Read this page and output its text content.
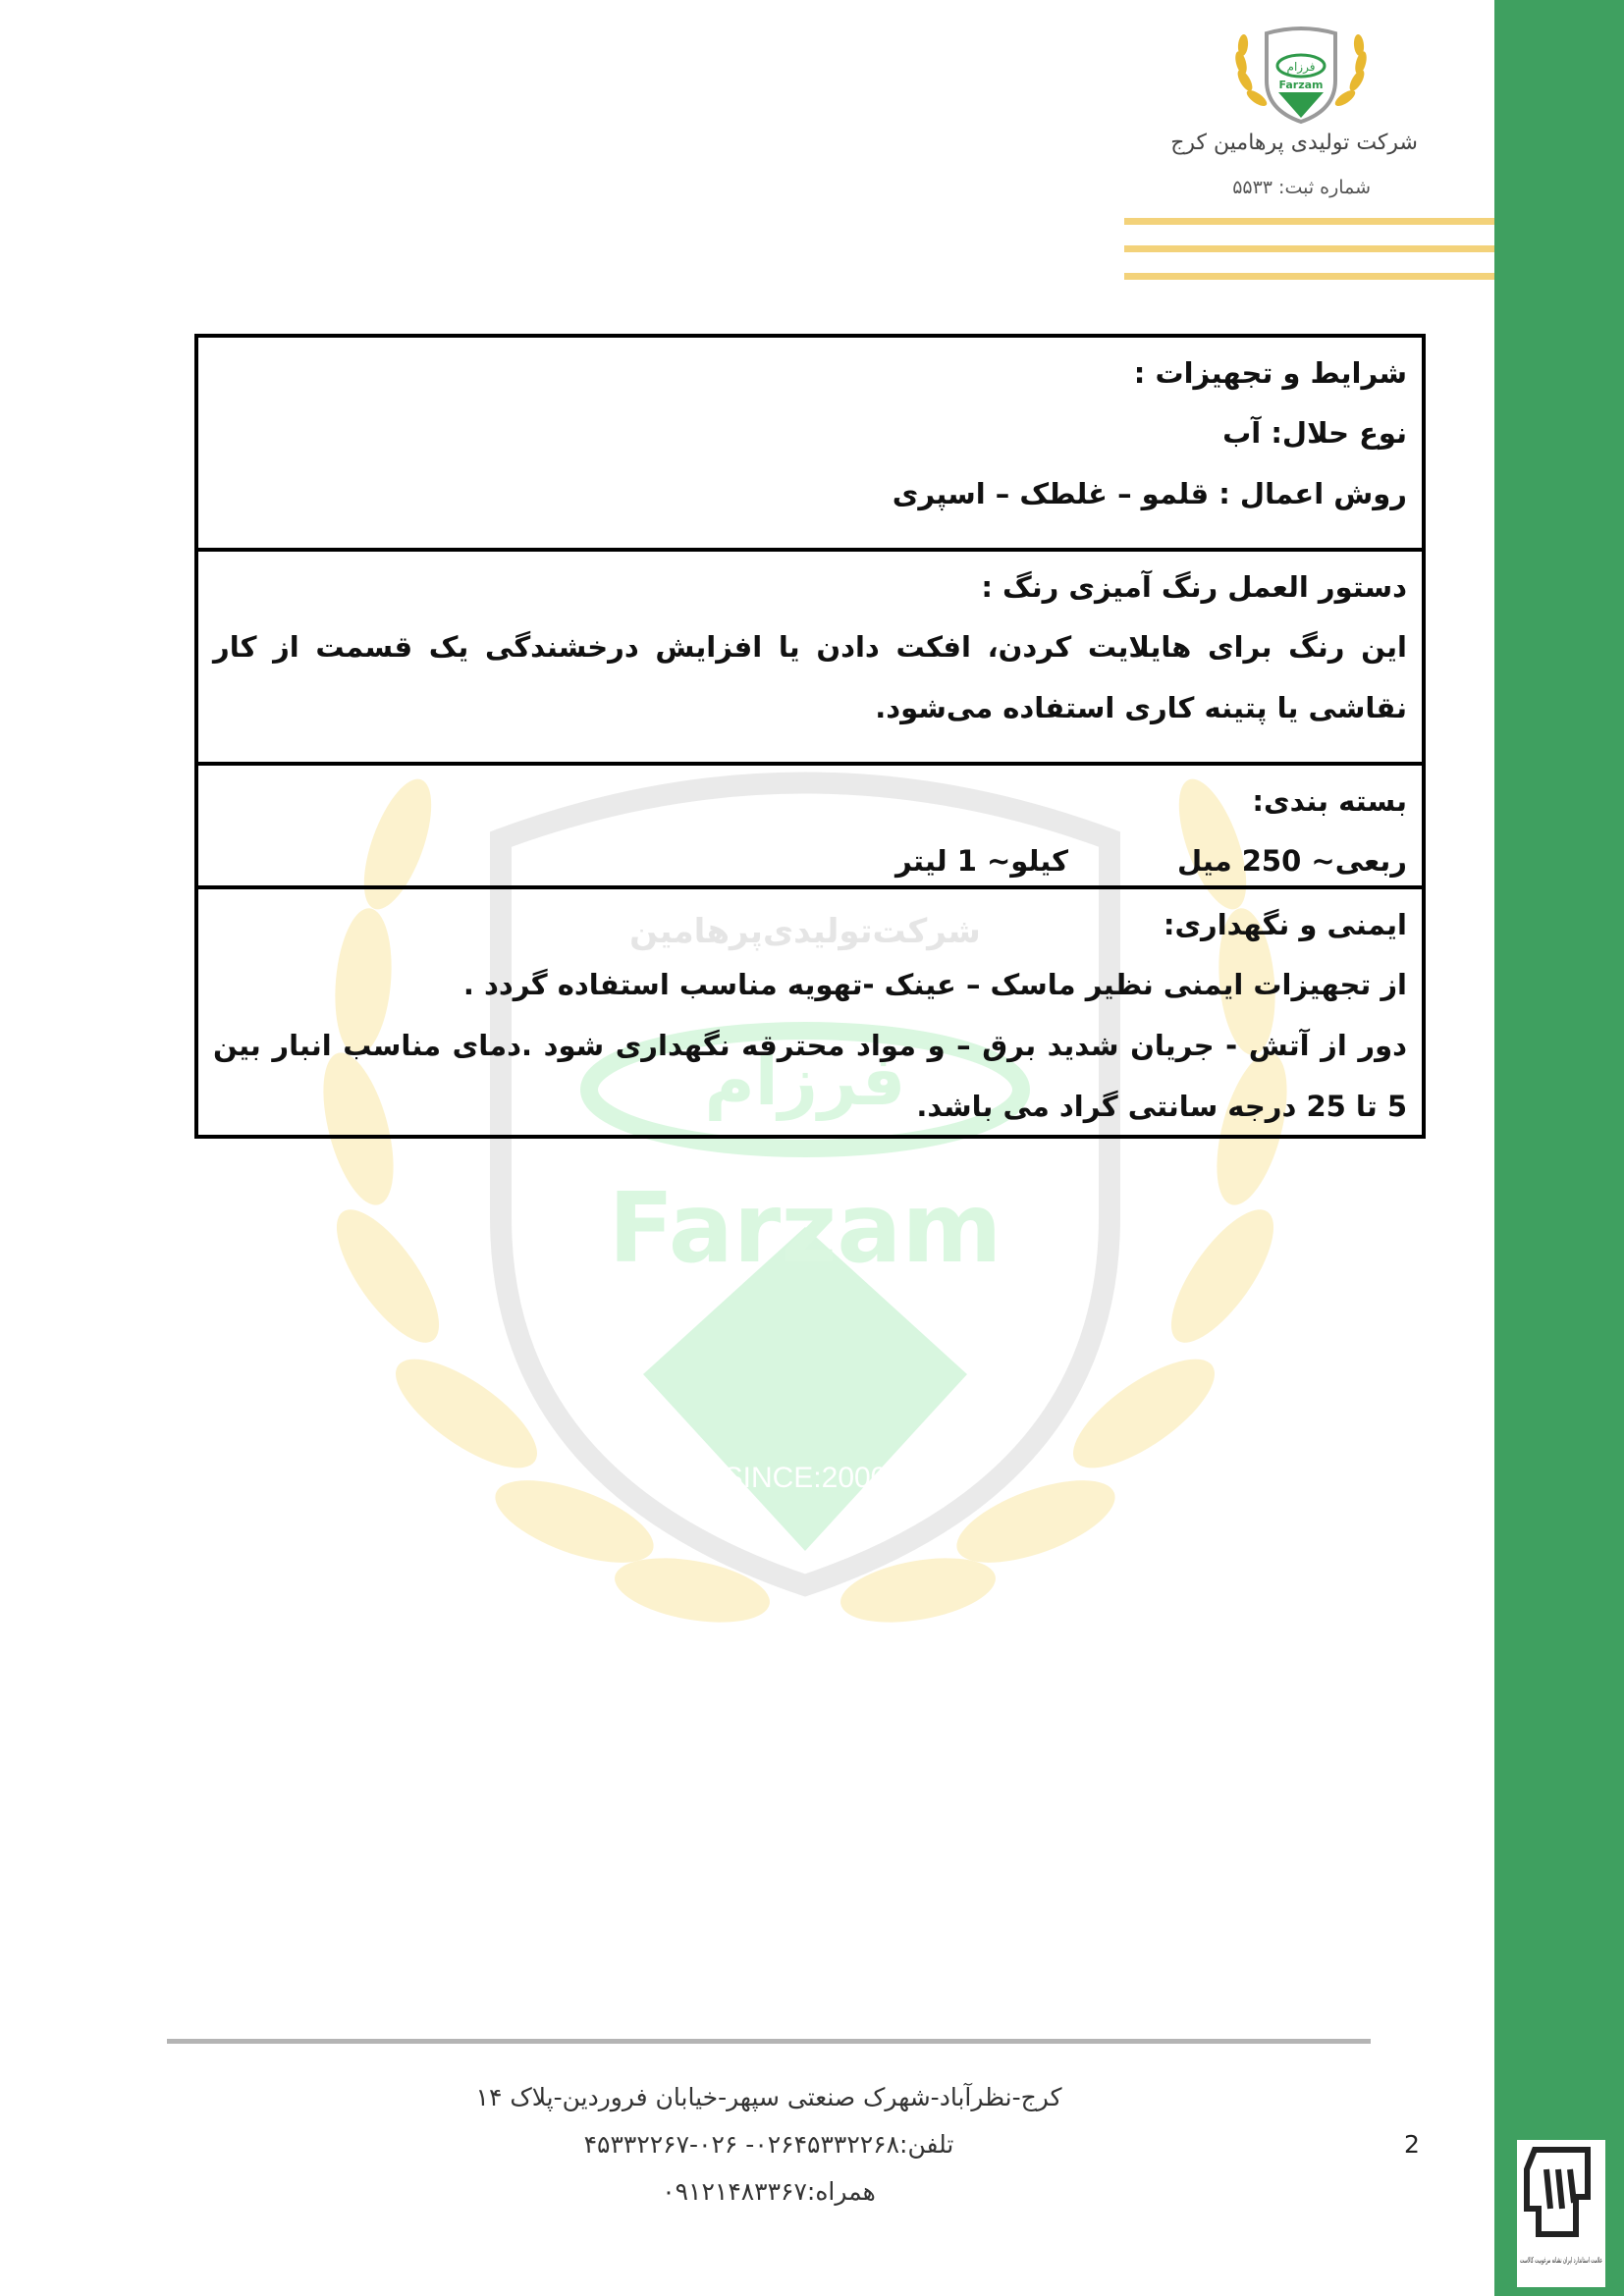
فرزام
Farzam
شرکت تولیدی پرهامین کرج
شماره ثبت: ۵۵۳۳
شرکت‌تولیدی‌پرهامین
فرزام
Farzam
SINCE:2000
شرایط و تجهیزات :
نوع حلال: آب
روش اعمال : قلمو – غلطک – اسپری
دستور العمل رنگ آمیزی رنگ :
این رنگ برای هایلایت کردن، افکت دادن یا افزایش درخشندگی یک قسمت از کار نقاشی یا پتینه کاری استفاده می‌شود.
بسته بندی:
ربعی~ 250 میل
کیلو~ 1 لیتر
ایمنی و نگهداری:
از تجهیزات ایمنی نظیر ماسک – عینک -تهویه مناسب استفاده گردد .
دور از آتش - جریان شدید برق – و مواد محترقه نگهداری شود .دمای مناسب انبار بین 5 تا 25 درجه سانتی گراد می باشد.
کرج-نظرآباد-شهرک صنعتی سپهر-خیابان فروردین-پلاک ۱۴
تلفن:۰۲۶۴۵۳۳۲۲۶۸- ۰۲۶-۴۵۳۳۲۲۶۷
همراه:۰۹۱۲۱۴۸۳۳۶۷
2
علامت استاندارد ایران نشانه مرغوبیت کالاست
